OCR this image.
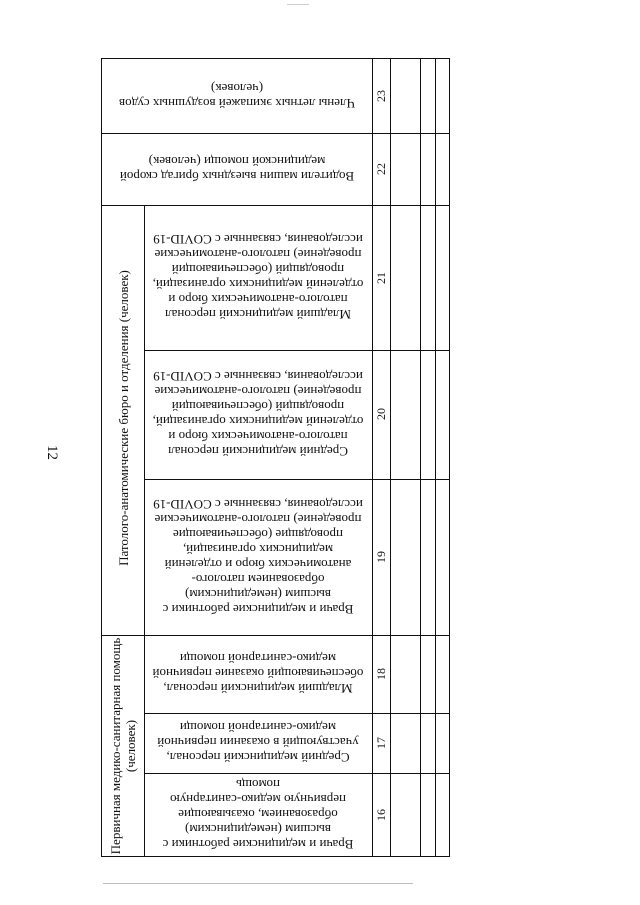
12	Патолого-анатомические бюро и отделения (человек)
Первичная медико-санитарная помощь (человек)
Члены летных экипажей воздушных судов (человек)
Водители машин выездных бригад скорой медицинской помощи (человек)
Младший медицинский персонал патолого-анатомических бюро и отделений медицинских организаций, проводящий (обеспечивающий проведение) патолого-анатомические исследования, связанные с COVID-19
Средний медицинский персонал патолого-анатомических бюро и отделений медицинских организаций, проводящий (обеспечивающий проведение) патолого-анатомические исследования, связанные с COVID-19
Врачи и медицинские работники с высшим (немедицинским) образованием патолого-анатомических бюро и отделений медицинских организаций, проводящие (обеспечивающие проведение) патолого-анатомические исследования, связанные с COVID-19
Младший медицинский персонал, обеспечивающий оказание первичной медико-санитарной помощи
Средний медицинский персонал, участвующий в оказании первичной медико-санитарной помощи
Врачи и медицинские работники с высшим (немедицинским) образованием, оказывающие первичную медико-санитарную помощь
23
22
21
20
19
18
17
16
